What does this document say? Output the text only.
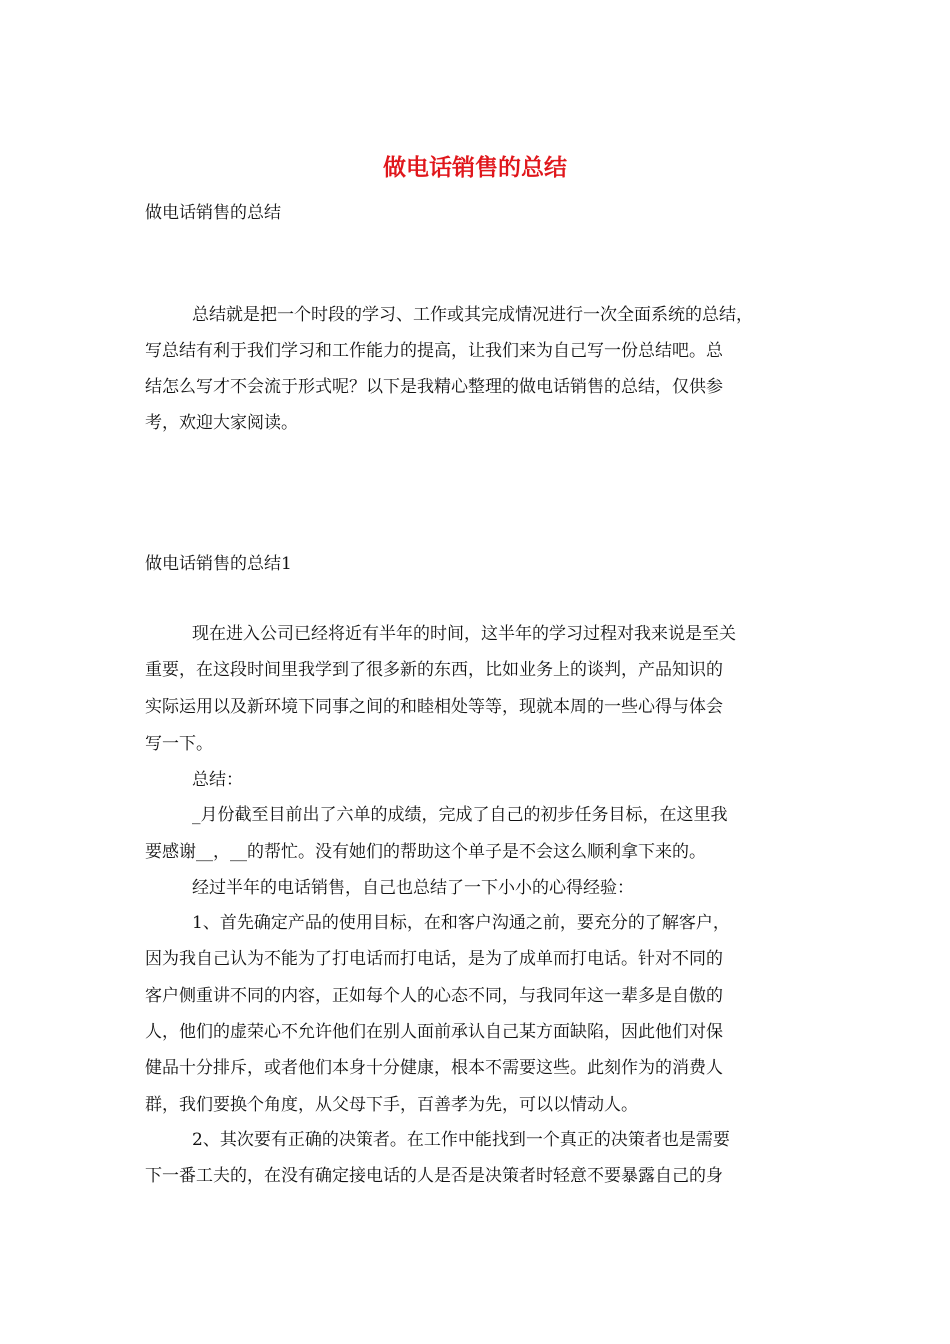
做电话销售的总结

做电话销售的总结

总结就是把一个时段的学习、工作或其完成情况进行一次全面系统的总结，

写总结有利于我们学习和工作能力的提高，让我们来为自己写一份总结吧。总

结怎么写才不会流于形式呢？以下是我精心整理的做电话销售的总结，仅供参

考，欢迎大家阅读。

做电话销售的总结1

现在进入公司已经将近有半年的时间，这半年的学习过程对我来说是至关

重要，在这段时间里我学到了很多新的东西，比如业务上的谈判，产品知识的

实际运用以及新环境下同事之间的和睦相处等等，现就本周的一些心得与体会

写一下。

总结：

_月份截至目前出了六单的成绩，完成了自己的初步任务目标，在这里我

要感谢__，__的帮忙。没有她们的帮助这个单子是不会这么顺利拿下来的。

经过半年的电话销售，自己也总结了一下小小的心得经验：

1、首先确定产品的使用目标，在和客户沟通之前，要充分的了解客户，

因为我自己认为不能为了打电话而打电话，是为了成单而打电话。针对不同的

客户侧重讲不同的内容，正如每个人的心态不同，与我同年这一辈多是自傲的

人，他们的虚荣心不允许他们在别人面前承认自己某方面缺陷，因此他们对保

健品十分排斥，或者他们本身十分健康，根本不需要这些。此刻作为的消费人

群，我们要换个角度，从父母下手，百善孝为先，可以以情动人。

2、其次要有正确的决策者。在工作中能找到一个真正的决策者也是需要

下一番工夫的，在没有确定接电话的人是否是决策者时轻意不要暴露自己的身
